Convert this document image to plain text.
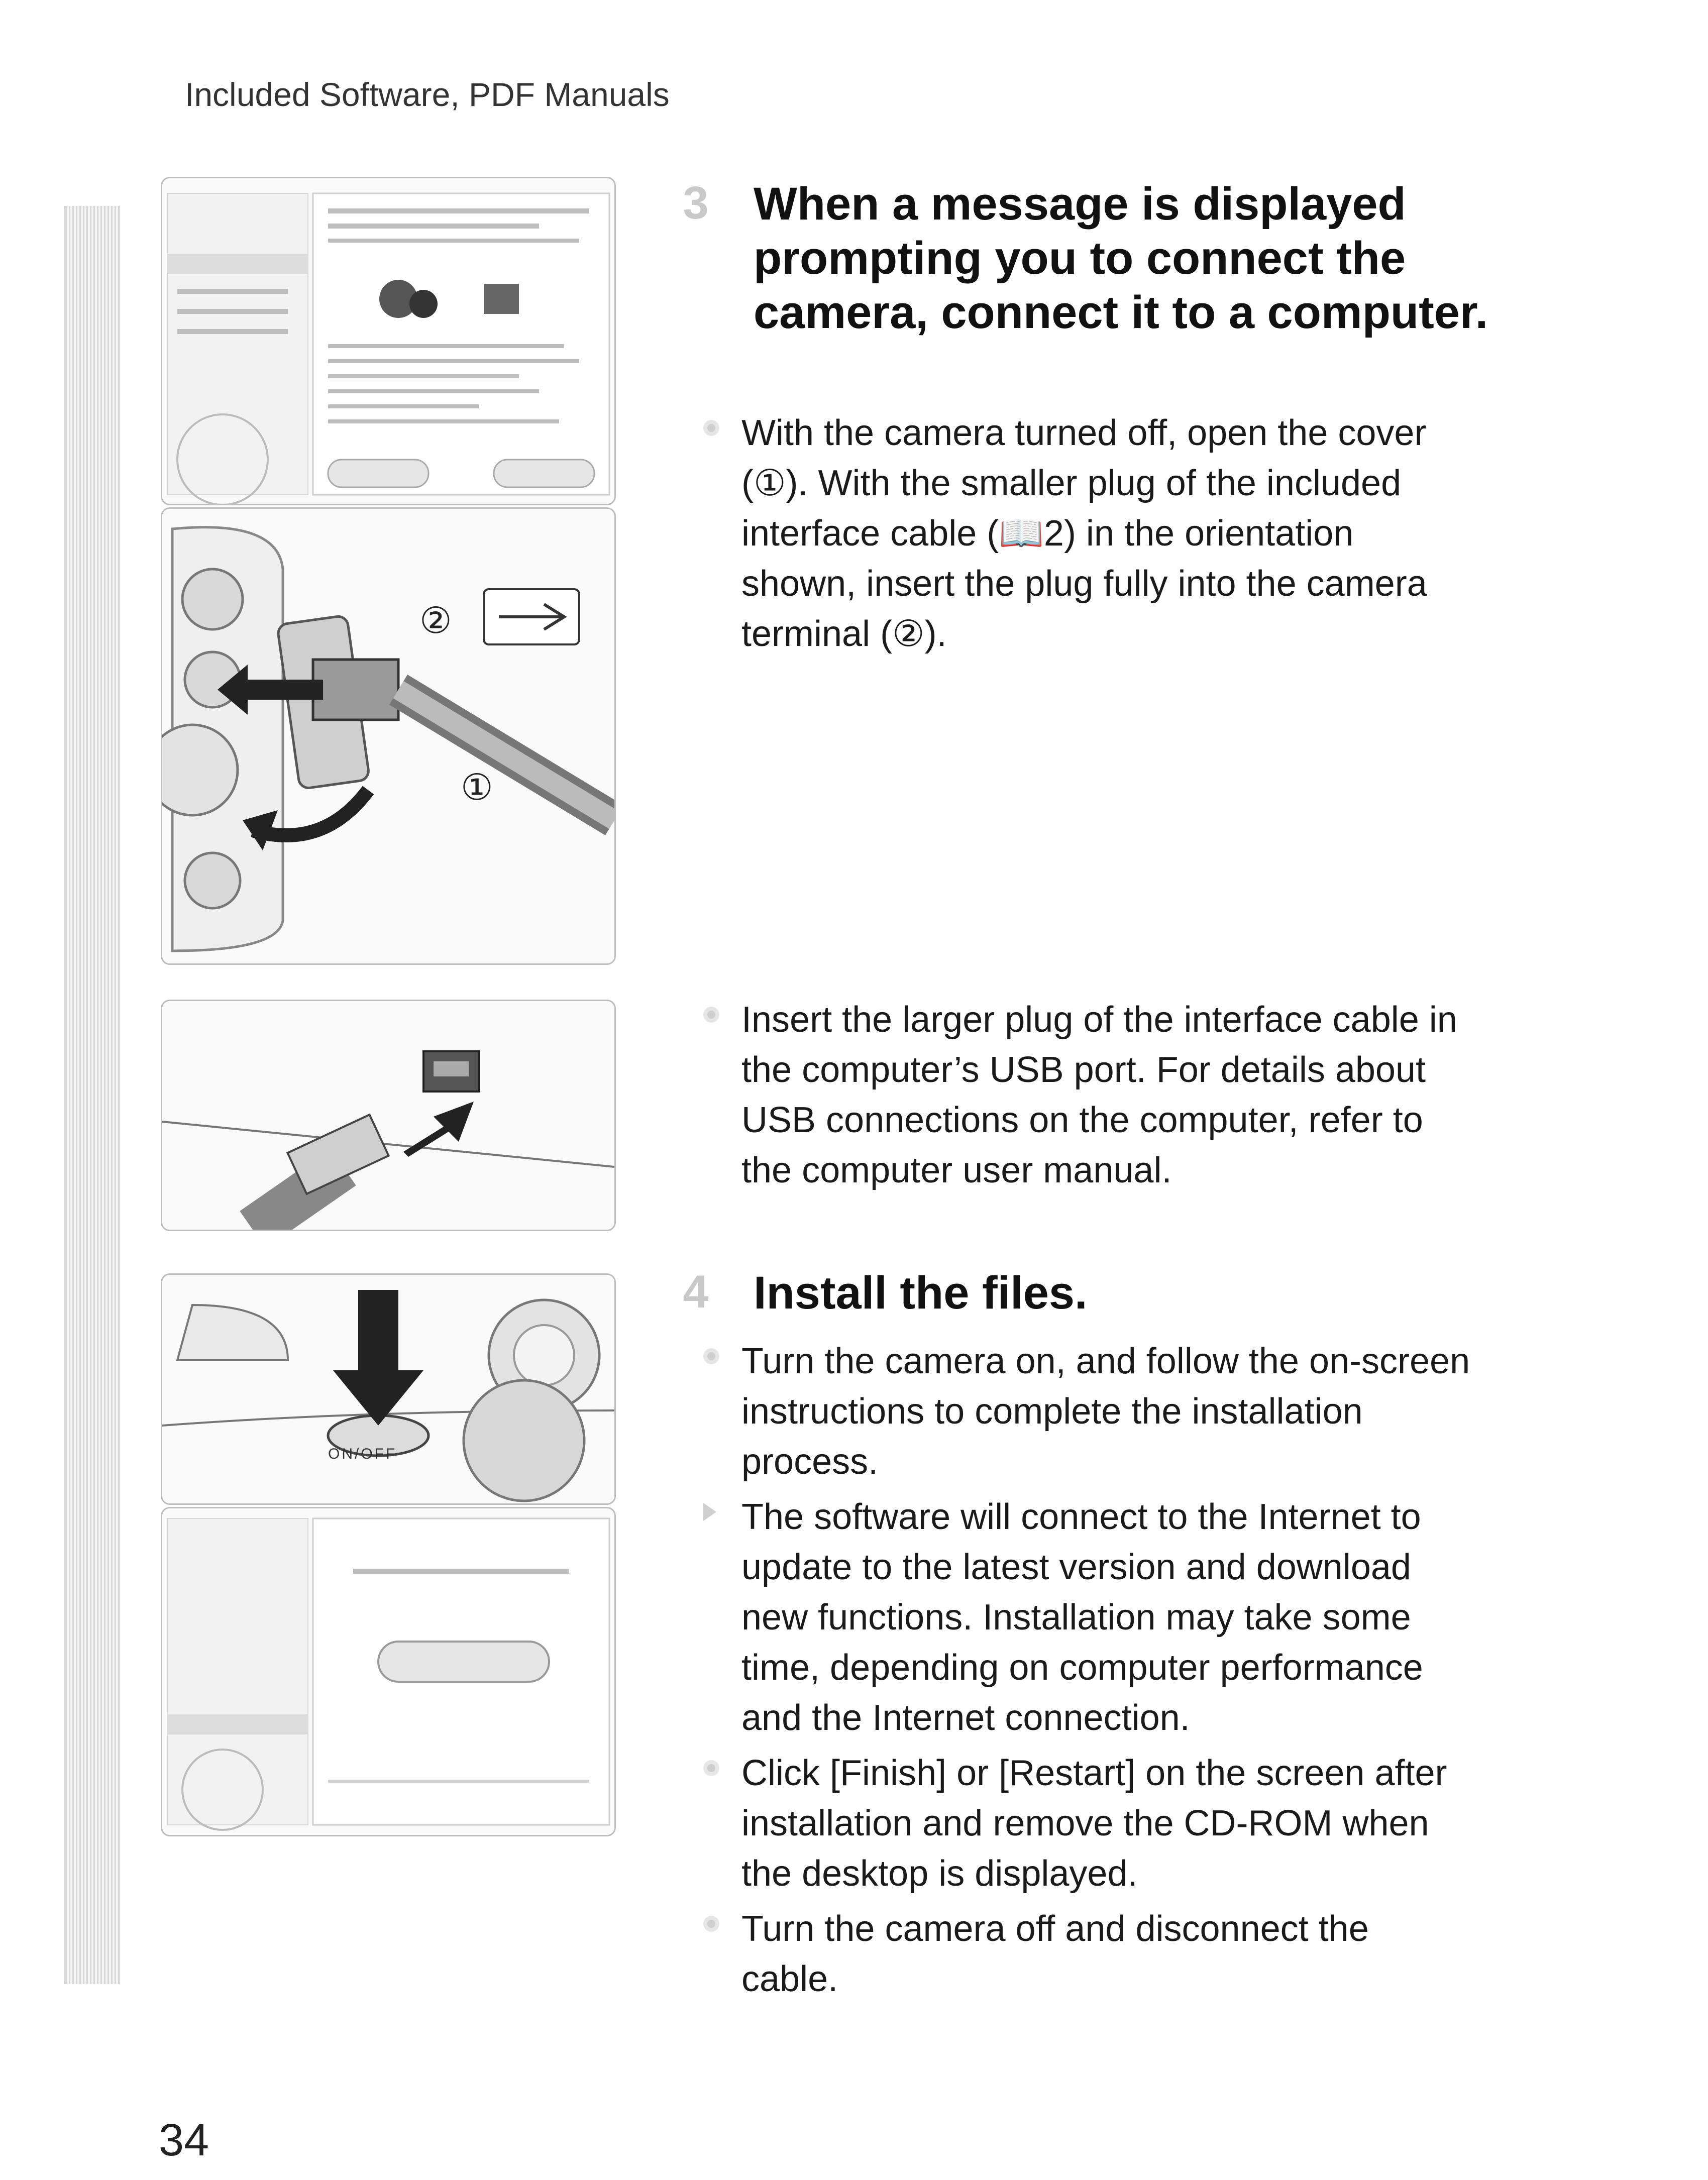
Included Software, PDF Manuals
②
①
ON/OFF
3 When a message is displayed prompting you to connect the camera, connect it to a computer.
With the camera turned off, open the cover (①). With the smaller plug of the included interface cable (📖2) in the orientation shown, insert the plug fully into the camera terminal (②).
Insert the larger plug of the interface cable in the computer’s USB port. For details about USB connections on the computer, refer to the computer user manual.
4 Install the files.
Turn the camera on, and follow the on-screen instructions to complete the installation process.
The software will connect to the Internet to update to the latest version and download new functions. Installation may take some time, depending on computer performance and the Internet connection.
Click [Finish] or [Restart] on the screen after installation and remove the CD-ROM when the desktop is displayed.
Turn the camera off and disconnect the cable.
34
